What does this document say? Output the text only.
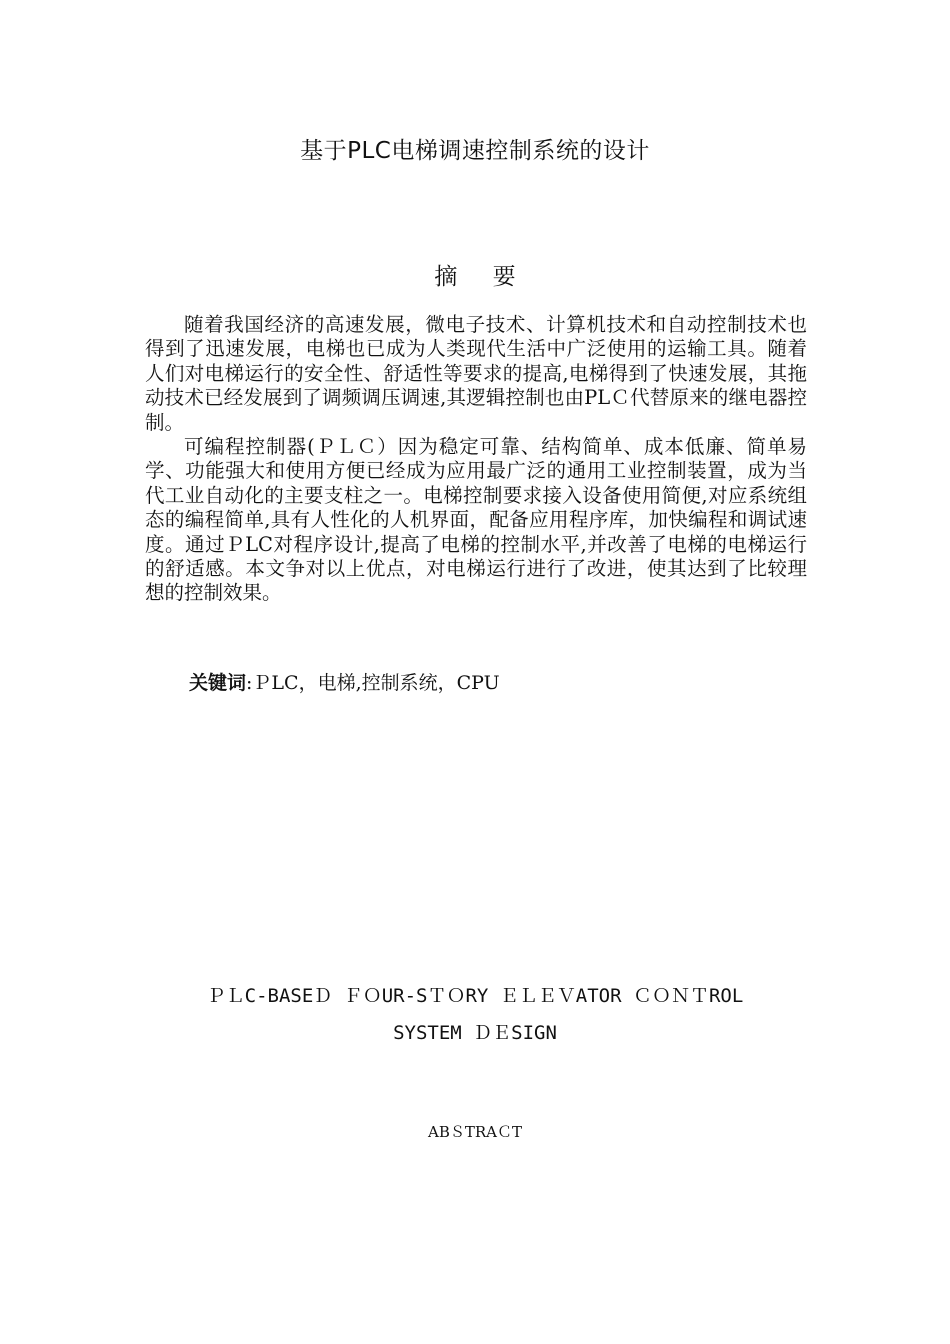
基于PLC电梯调速控制系统的设计
摘 要

随着我国经济的高速发展，微电子技术、计算机技术和自动控制技术也得到了迅速发展，电梯也已成为人类现代生活中广泛使用的运输工具。随着人们对电梯运行的安全性、舒适性等要求的提高,电梯得到了快速发展，其拖动技术已经发展到了调频调压调速,其逻辑控制也由PLＣ代替原来的继电器控制。

可编程控制器(ＰＬＣ）因为稳定可靠、结构简单、成本低廉、简单易学、功能强大和使用方便已经成为应用最广泛的通用工业控制装置，成为当代工业自动化的主要支柱之一。电梯控制要求接入设备使用简便,对应系统组态的编程简单,具有人性化的人机界面，配备应用程序库，加快编程和调试速度。通过ＰLC对程序设计,提高了电梯的控制水平,并改善了电梯的电梯运行的舒适感。本文争对以上优点，对电梯运行进行了改进，使其达到了比较理想的控制效果。

关键词:ＰLC，电梯,控制系统，CPU
ＰＬC-BASEＤ ＦＯUR-SＴＯRY ＥＬＥＶATOR ＣＯＮＴROL
SYSTEM ＤＥSIGN
ABＳTRAＣT
